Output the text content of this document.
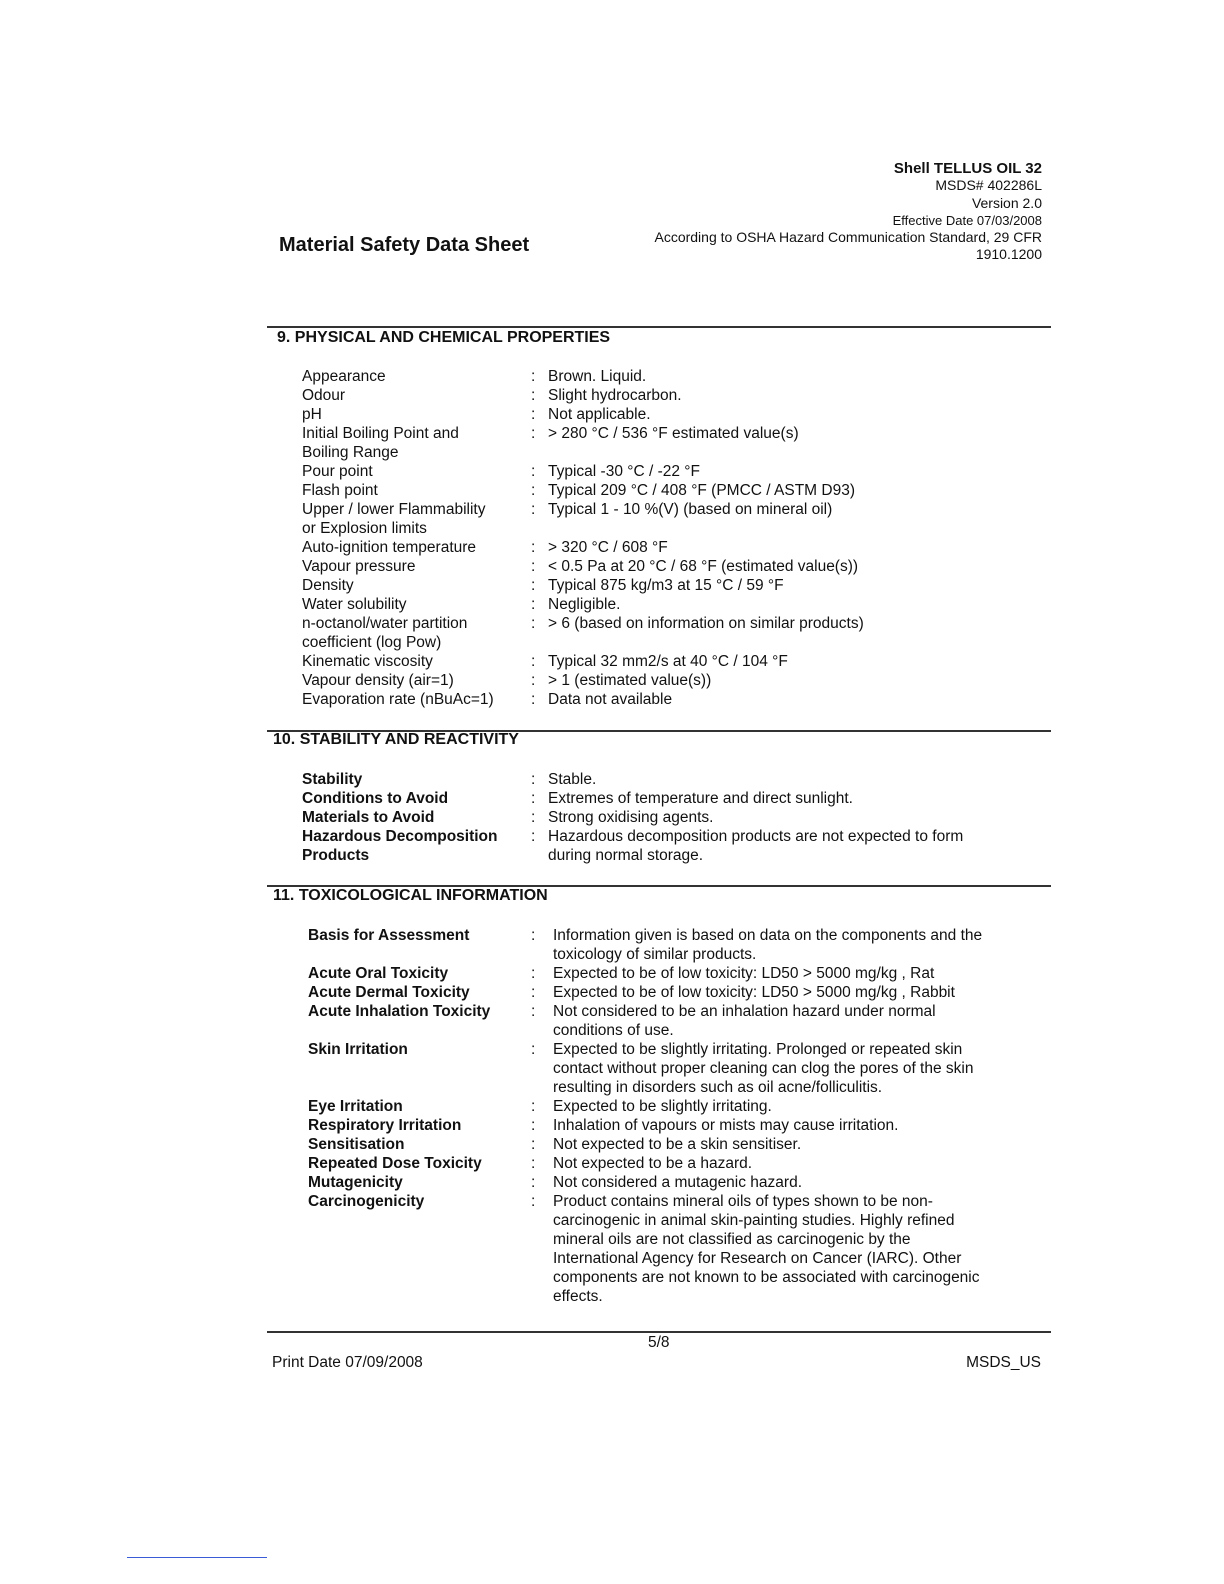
Shell TELLUS OIL 32
MSDS# 402286L
Version 2.0
Effective Date 07/03/2008
According to OSHA Hazard Communication Standard, 29 CFR
1910.1200
Material Safety Data Sheet
9. PHYSICAL AND CHEMICAL PROPERTIES
Appearance	: Brown. Liquid.
Odour	: Slight hydrocarbon.
pH	: Not applicable.
Initial Boiling Point and	: > 280 °C / 536 °F estimated value(s)
Boiling Range
Pour point	: Typical -30 °C / -22 °F
Flash point	: Typical 209 °C / 408 °F (PMCC / ASTM D93)
Upper / lower Flammability	: Typical 1 - 10 %(V) (based on mineral oil)
or Explosion limits
Auto-ignition temperature	: > 320 °C / 608 °F
Vapour pressure	: < 0.5 Pa at 20 °C / 68 °F (estimated value(s))
Density	: Typical 875 kg/m3 at 15 °C / 59 °F
Water solubility	: Negligible.
n-octanol/water partition	: > 6 (based on information on similar products)
coefficient (log Pow)
Kinematic viscosity	: Typical 32 mm2/s at 40 °C / 104 °F
Vapour density (air=1)	: > 1 (estimated value(s))
Evaporation rate (nBuAc=1) : Data not available
10. STABILITY AND REACTIVITY
Stability	: Stable.
Conditions to Avoid	: Extremes of temperature and direct sunlight.
Materials to Avoid	: Strong oxidising agents.
Hazardous Decomposition : Hazardous decomposition products are not expected to form
Products	during normal storage.
11. TOXICOLOGICAL INFORMATION
Basis for Assessment	: Information given is based on data on the components and the
toxicology of similar products.
Acute Oral Toxicity	: Expected to be of low toxicity: LD50 > 5000 mg/kg , Rat
Acute Dermal Toxicity	: Expected to be of low toxicity: LD50 > 5000 mg/kg , Rabbit
Acute Inhalation Toxicity	: Not considered to be an inhalation hazard under normal
conditions of use.
Skin Irritation	: Expected to be slightly irritating. Prolonged or repeated skin
contact without proper cleaning can clog the pores of the skin
resulting in disorders such as oil acne/folliculitis.
Eye Irritation	: Expected to be slightly irritating.
Respiratory Irritation	: Inhalation of vapours or mists may cause irritation.
Sensitisation	: Not expected to be a skin sensitiser.
Repeated Dose Toxicity	: Not expected to be a hazard.
Mutagenicity	: Not considered a mutagenic hazard.
Carcinogenicity	: Product contains mineral oils of types shown to be non-
carcinogenic in animal skin-painting studies. Highly refined
mineral oils are not classified as carcinogenic by the
International Agency for Research on Cancer (IARC). Other
components are not known to be associated with carcinogenic
effects.
5/8
Print Date 07/09/2008	MSDS_US
